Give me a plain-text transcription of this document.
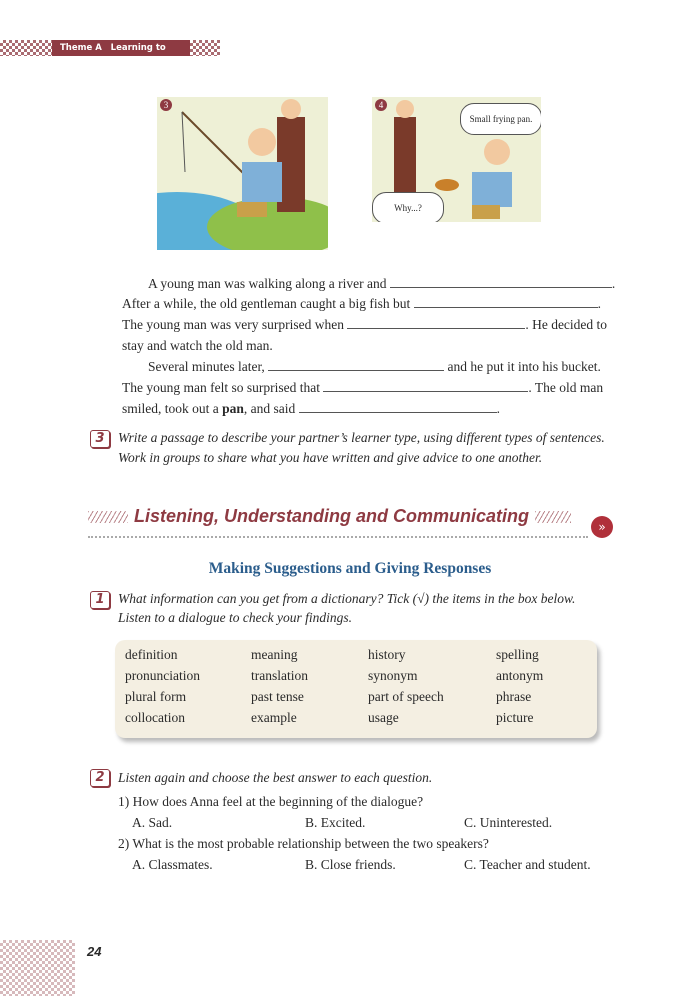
Theme A Learning to Learn
3
Small frying pan.
Why...?
4
A young man was walking along a river and	.
After a while, the old gentleman caught a big fish but	.
The young man was very surprised when	. He decided to
stay and watch the old man.
Several minutes later,	and he put it into his bucket.
The young man felt so surprised that	. The old man
smiled, took out a pan, and said	.
3 Write a passage to describe your partner’s learner type, using different types of sentences.
Work in groups to share what you have written and give advice to one another.
Listening, Understanding and Communicating
»
Making Suggestions and Giving Responses
1 What information can you get from a dictionary? Tick (√) the items in the box below.
Listen to a dialogue to check your findings.
definition	meaning	history	spelling
pronunciation	translation	synonym	antonym
plural form	past tense	part of speech	phrase
collocation	example	usage	picture
2 Listen again and choose the best answer to each question.
1) How does Anna feel at the beginning of the dialogue?
A. Sad.	B. Excited.	C. Uninterested.
2) What is the most probable relationship between the two speakers?
A. Classmates.	B. Close friends.	C. Teacher and student.
24
